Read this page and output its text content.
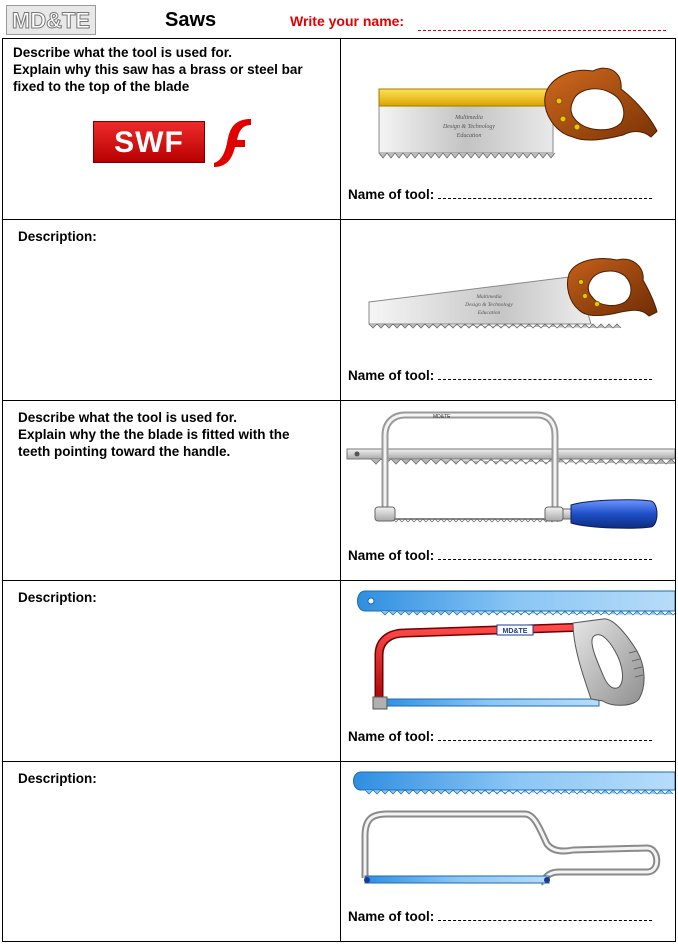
MD&TE	Saws	Write your name:

Describe what the tool is used for.
Explain why this saw has a brass or steel bar
fixed to the top of the blade

SWF
Multimedia
Design & Technology
Education
Name of tool:

Description:

Multimedia
Design & Technology
Education
Name of tool:

Describe what the tool is used for.
Explain why the the blade is fitted with the
teeth pointing toward the handle.

MD&TE
Name of tool:

Description:

MD&TE
Name of tool:

Description:

Name of tool:
